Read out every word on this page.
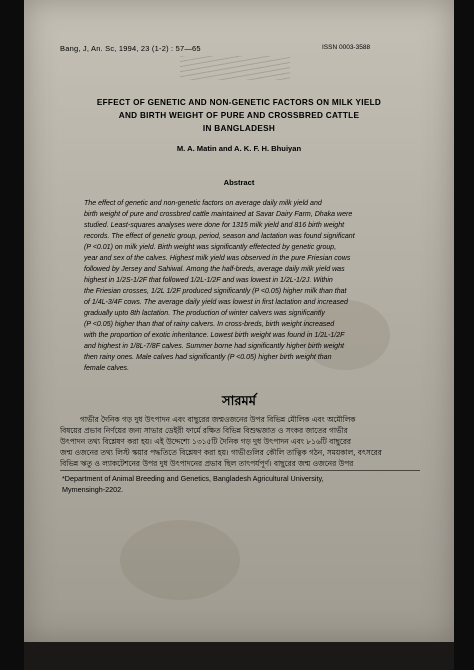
Bang, J, An. Sc, 1994, 23 (1-2) : 57—65	ISSN 0003-3588

EFFECT OF GENETIC AND NON-GENETIC FACTORS ON MILK YIELD

AND BIRTH WEIGHT OF PURE AND CROSSBRED CATTLE

IN BANGLADESH

M. A. Matin and A. K. F. H. Bhuiyan

Abstract

The effect of genetic and non-genetic factors on average daily milk yield and

birth weight of pure and crossbred cattle maintained at Savar Dairy Farm, Dhaka were

studied. Least-squares analyses were done for 1315 milk yield and 816 birth weight

records. The effect of genetic group, period, season and lactation was found significant

(P <0.01) on milk yield. Birth weight was significantly effetected by genetic group,

year and sex of the calves. Highest milk yield was observed in the pure Friesian cows

followed by Jersey and Sahiwal. Among the half-breds, average daily milk yield was

highest in 1/2S-1/2F that followed 1/2L-1/2F and was lowest in 1/2L-1/2J. Within

the Friesian crosses, 1/2L 1/2F produced significantly (P <0.05) higher milk than that

of 1/4L-3/4F cows. The average daily yield was lowest in first lactation and increased

gradually upto 8th lactation. The production of winter calvers was significantly

(P <0.05) higher than that of rainy calvers. In cross-breds, birth weight increased

with the proportion of exotic inheritance. Lowest birth weight was found in 1/2L-1/2F

and highest in 1/8L-7/8F calves. Summer borne had significantly higher birth weight

then rainy ones. Male calves had significantly (P <0.05) higher birth weight than

female calves.

সারমর্ম

গাভীর দৈনিক গড় দুধ উৎপাদন এবং বাছুরের জন্মওজনের উপর বিভিন্ন মৌলিক এবং অমৌলিক

বিষয়ের প্রভাব নির্ণয়ের জন্য সাভার ডেইরী ফার্মে রক্ষিত বিভিন্ন বিশুদ্ধজাত ও সংকর জাতের গাভীর

উৎপাদন তথ্য বিশ্লেষণ করা হয়। এই উদ্দেশ্যে ১৩১৫টি দৈনিক গড় দুধ উৎপাদন এবং ৮১৬টি বাছুরের

জন্ম ওজনের তথ্য লিস্ট স্কয়ার পদ্ধতিতে বিশ্লেষণ করা হয়। গাভীগুলির কৌলি তাত্বিক গঠন, সময়কাল, বৎসরের

বিভিন্ন ঋতু ও ল্যাকটেশনের উপর দুধ উৎপাদনের প্রভাব ছিল তাৎপর্যপূর্ণ। বাছুরের জন্ম ওজনের উপর

*Department of Animal Breeding and Genetics, Bangladesh Agricultural University,

Mymensingh-2202.
